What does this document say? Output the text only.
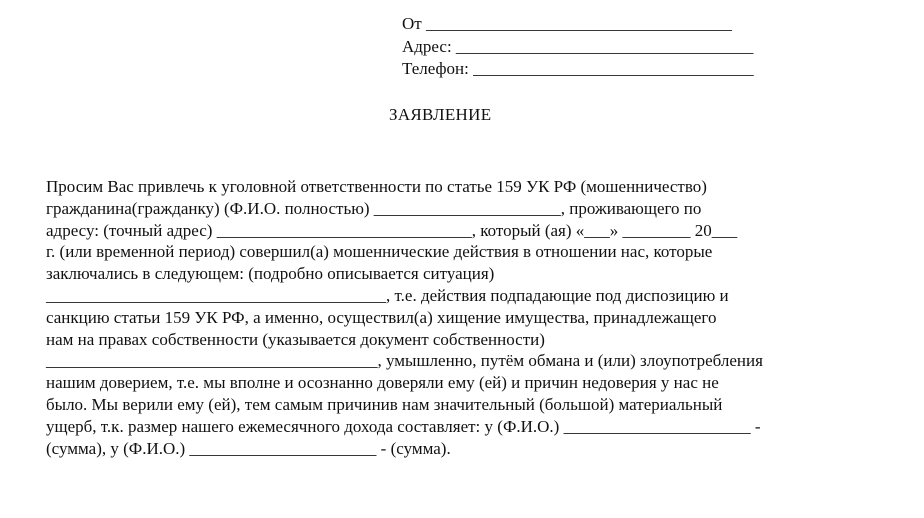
От ____________________________________
Адрес: ___________________________________
Телефон: _________________________________
ЗАЯВЛЕНИЕ
Просим Вас привлечь к уголовной ответственности по статье 159 УК РФ (мошенничество)
гражданина(гражданку) (Ф.И.О. полностью) ______________________, проживающего по
адресу: (точный адрес) ______________________________, который (ая) «___» ________ 20___
г. (или временной период) совершил(а) мошеннические действия в отношении нас, которые
заключались в следующем: (подробно описывается ситуация)
________________________________________, т.е. действия подпадающие под диспозицию и
санкцию статьи 159 УК РФ, а именно, осуществил(а) хищение имущества, принадлежащего
нам на правах собственности (указывается документ собственности)
_______________________________________, умышленно, путём обмана и (или) злоупотребления
нашим доверием, т.е. мы вполне и осознанно доверяли ему (ей) и причин недоверия у нас не
было. Мы верили ему (ей), тем самым причинив нам значительный (большой) материальный
ущерб, т.к. размер нашего ежемесячного дохода составляет: у (Ф.И.О.) ______________________ -
(сумма), у (Ф.И.О.) ______________________ - (сумма).
